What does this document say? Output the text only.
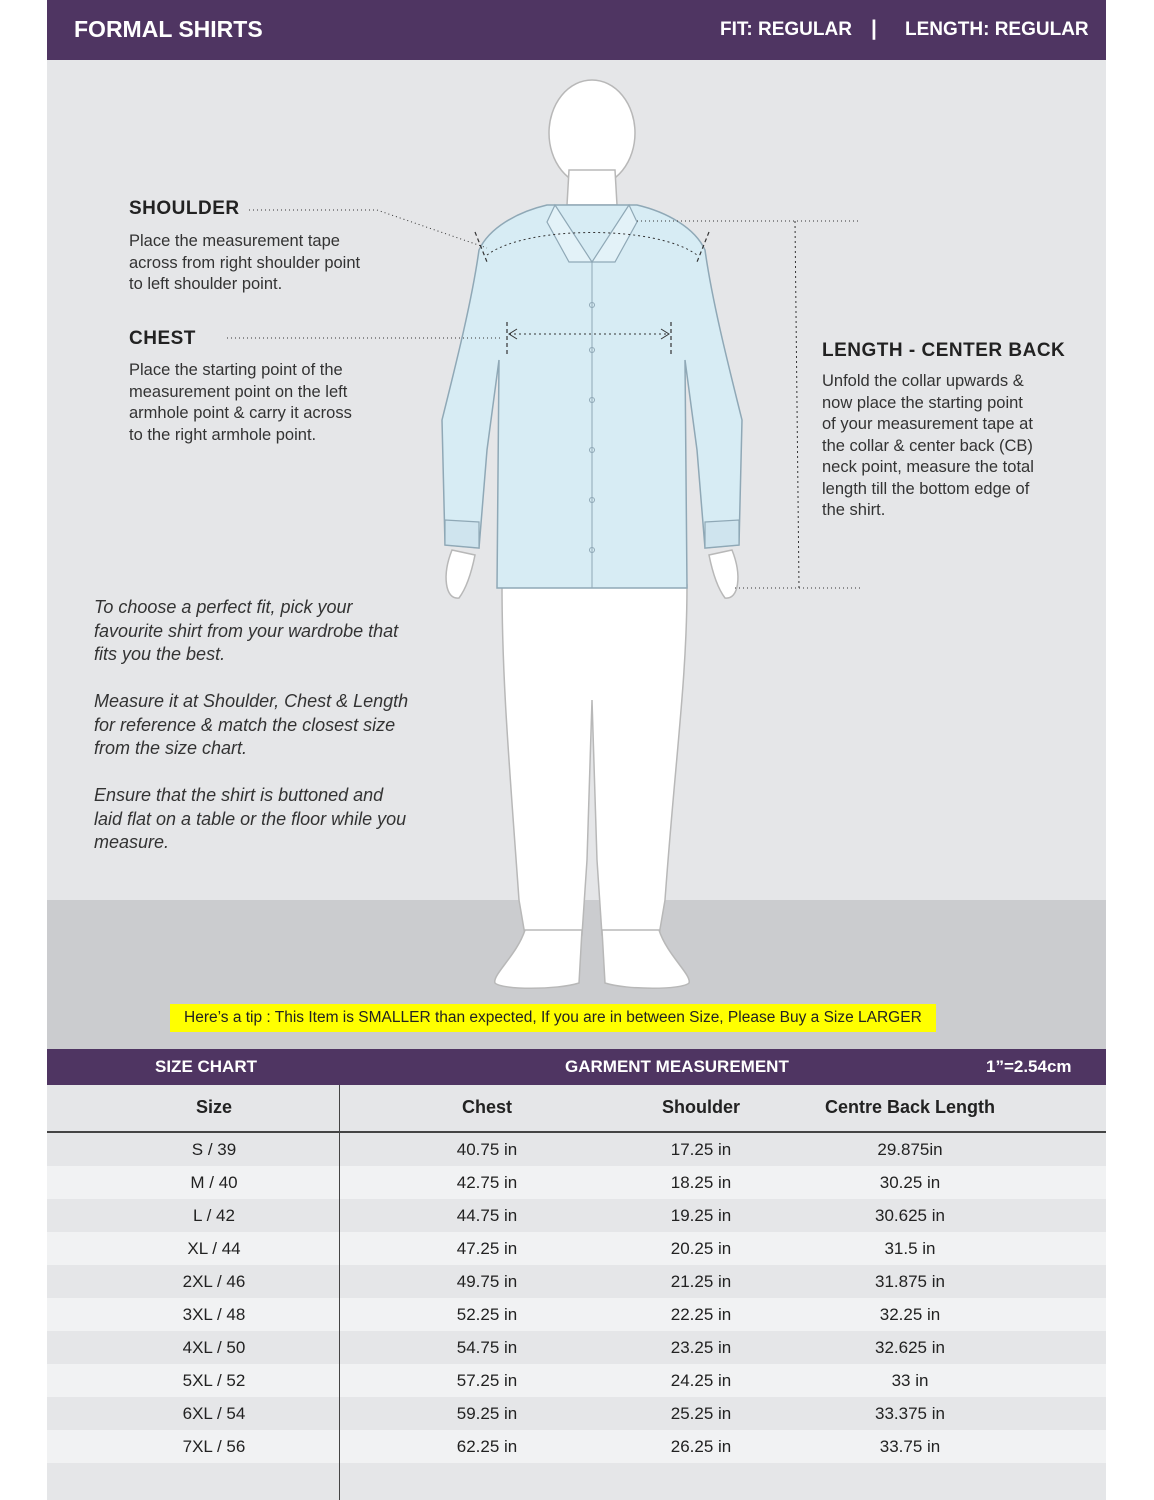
FORMAL SHIRTS	FIT: REGULAR | LENGTH: REGULAR
SHOULDER
Place the measurement tape
across from right shoulder point
to left shoulder point.
CHEST
Place the starting point of the
measurement point on the left
armhole point & carry it across
to the right armhole point.
LENGTH - CENTER BACK
Unfold the collar upwards &
now place the starting point
of your measurement tape at
the collar & center back (CB)
neck point, measure the total
length till the bottom edge of
the shirt.

To choose a perfect fit, pick your
favourite shirt from your wardrobe that
fits you the best.

Measure it at Shoulder, Chest & Length
for reference & match the closest size
from the size chart.

Ensure that the shirt is buttoned and
laid flat on a table or the floor while you
measure.

Here’s a tip : This Item is SMALLER than expected, If you are in between Size, Please Buy a Size LARGER
SIZE CHART	GARMENT MEASUREMENT	1”=2.54cm
Size	Chest	Shoulder	Centre Back Length
S / 39	40.75 in	17.25 in	29.875in
M / 40	42.75 in	18.25 in	30.25 in
L / 42	44.75 in	19.25 in	30.625 in
XL / 44	47.25 in	20.25 in	31.5 in
2XL / 46	49.75 in	21.25 in	31.875 in
3XL / 48	52.25 in	22.25 in	32.25 in
4XL / 50	54.75 in	23.25 in	32.625 in
5XL / 52	57.25 in	24.25 in	33 in
6XL / 54	59.25 in	25.25 in	33.375 in
7XL / 56	62.25 in	26.25 in	33.75 in
